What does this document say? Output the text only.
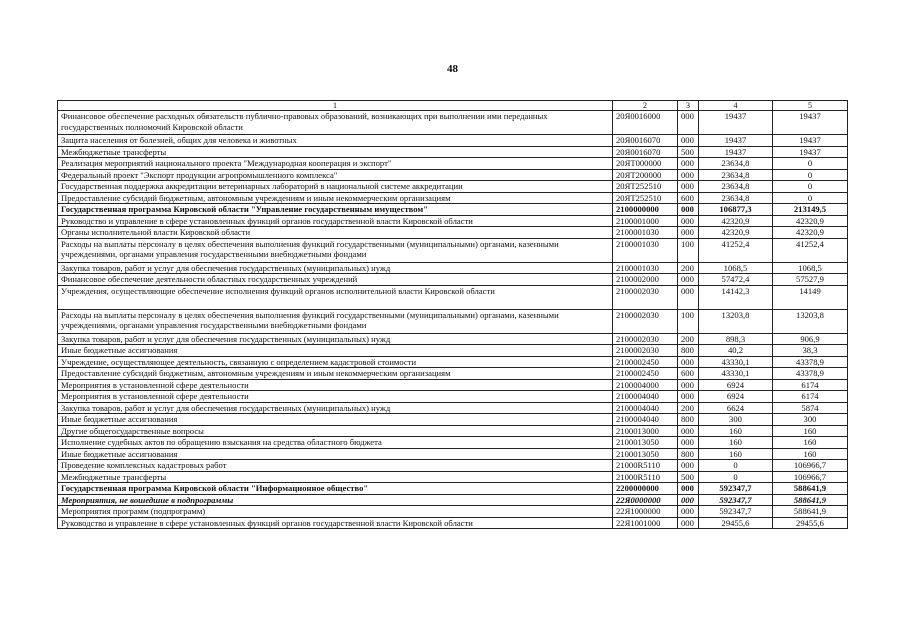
48
1	2	3	4	5
Финансовое обеспечение расходных обязательств публично-правовых образований, возникающих при выполнении ими переданных государственных полномочий Кировской области	20Я0016000	000	19437	19437
Защита населения от болезней, общих для человека и животных	20Я0016070	000	19437	19437
Межбюджетные трансферты	20Я0016070	500	19437	19437
Реализация мероприятий национального проекта "Международная кооперация и экспорт"	20ЯТ000000	000	23634,8	0
Федеральный проект "Экспорт продукции агропромышленного комплекса"	20ЯТ200000	000	23634,8	0
Государственная поддержка аккредитации ветеринарных лабораторий в национальной системе аккредитации	20ЯТ252510	000	23634,8	0
Предоставление субсидий бюджетным, автономным учреждениям и иным некоммерческим организациям	20ЯТ252510	600	23634,8	0
Государственная программа Кировской области "Управление государственным имуществом"	2100000000	000	106877,3	213149,5
Руководство и управление в сфере установленных функций органов государственной власти Кировской области	2100001000	000	42320,9	42320,9
Органы исполнительной власти Кировской области	2100001030	000	42320,9	42320,9
Расходы на выплаты персоналу в целях обеспечения выполнения функций государственными (муниципальными) органами, казенными учреждениями, органами управления государственными внебюджетными фондами	2100001030	100	41252,4	41252,4
Закупка товаров, работ и услуг для обеспечения государственных (муниципальных) нужд	2100001030	200	1068,5	1068,5
Финансовое обеспечение деятельности областных государственных учреждений	2100002000	000	57472,4	57527,9
Учреждения, осуществляющие обеспечение исполнения функций органов исполнительной власти Кировской области	2100002030	000	14142,3	14149
Расходы на выплаты персоналу в целях обеспечения выполнения функций государственными (муниципальными) органами, казенными учреждениями, органами управления государственными внебюджетными фондами	2100002030	100	13203,8	13203,8
Закупка товаров, работ и услуг для обеспечения государственных (муниципальных) нужд	2100002030	200	898,3	906,9
Иные бюджетные ассигнования	2100002030	800	40,2	38,3
Учреждение, осуществляющее деятельность, связанную с определением кадастровой стоимости	2100002450	000	43330,1	43378,9
Предоставление субсидий бюджетным, автономным учреждениям и иным некоммерческим организациям	2100002450	600	43330,1	43378,9
Мероприятия в установленной сфере деятельности	2100004000	000	6924	6174
Мероприятия в установленной сфере деятельности	2100004040	000	6924	6174
Закупка товаров, работ и услуг для обеспечения государственных (муниципальных) нужд	2100004040	200	6624	5874
Иные бюджетные ассигнования	2100004040	800	300	300
Другие общегосударственные вопросы	2100013000	000	160	160
Исполнение судебных актов по обращению взыскания на средства областного бюджета	2100013050	000	160	160
Иные бюджетные ассигнования	2100013050	800	160	160
Проведение комплексных кадастровых работ	21000R5110	000	0	106966,7
Межбюджетные трансферты	21000R5110	500	0	106966,7
Государственная программа Кировской области "Информационное общество"	2200000000	000	592347,7	588641,9
Мероприятия, не вошедшие в подпрограммы	22Я0000000	000	592347,7	588641,9
Мероприятия программ (подпрограмм)	22Я1000000	000	592347,7	588641,9
Руководство и управление в сфере установленных функций органов государственной власти Кировской области	22Я1001000	000	29455,6	29455,6
